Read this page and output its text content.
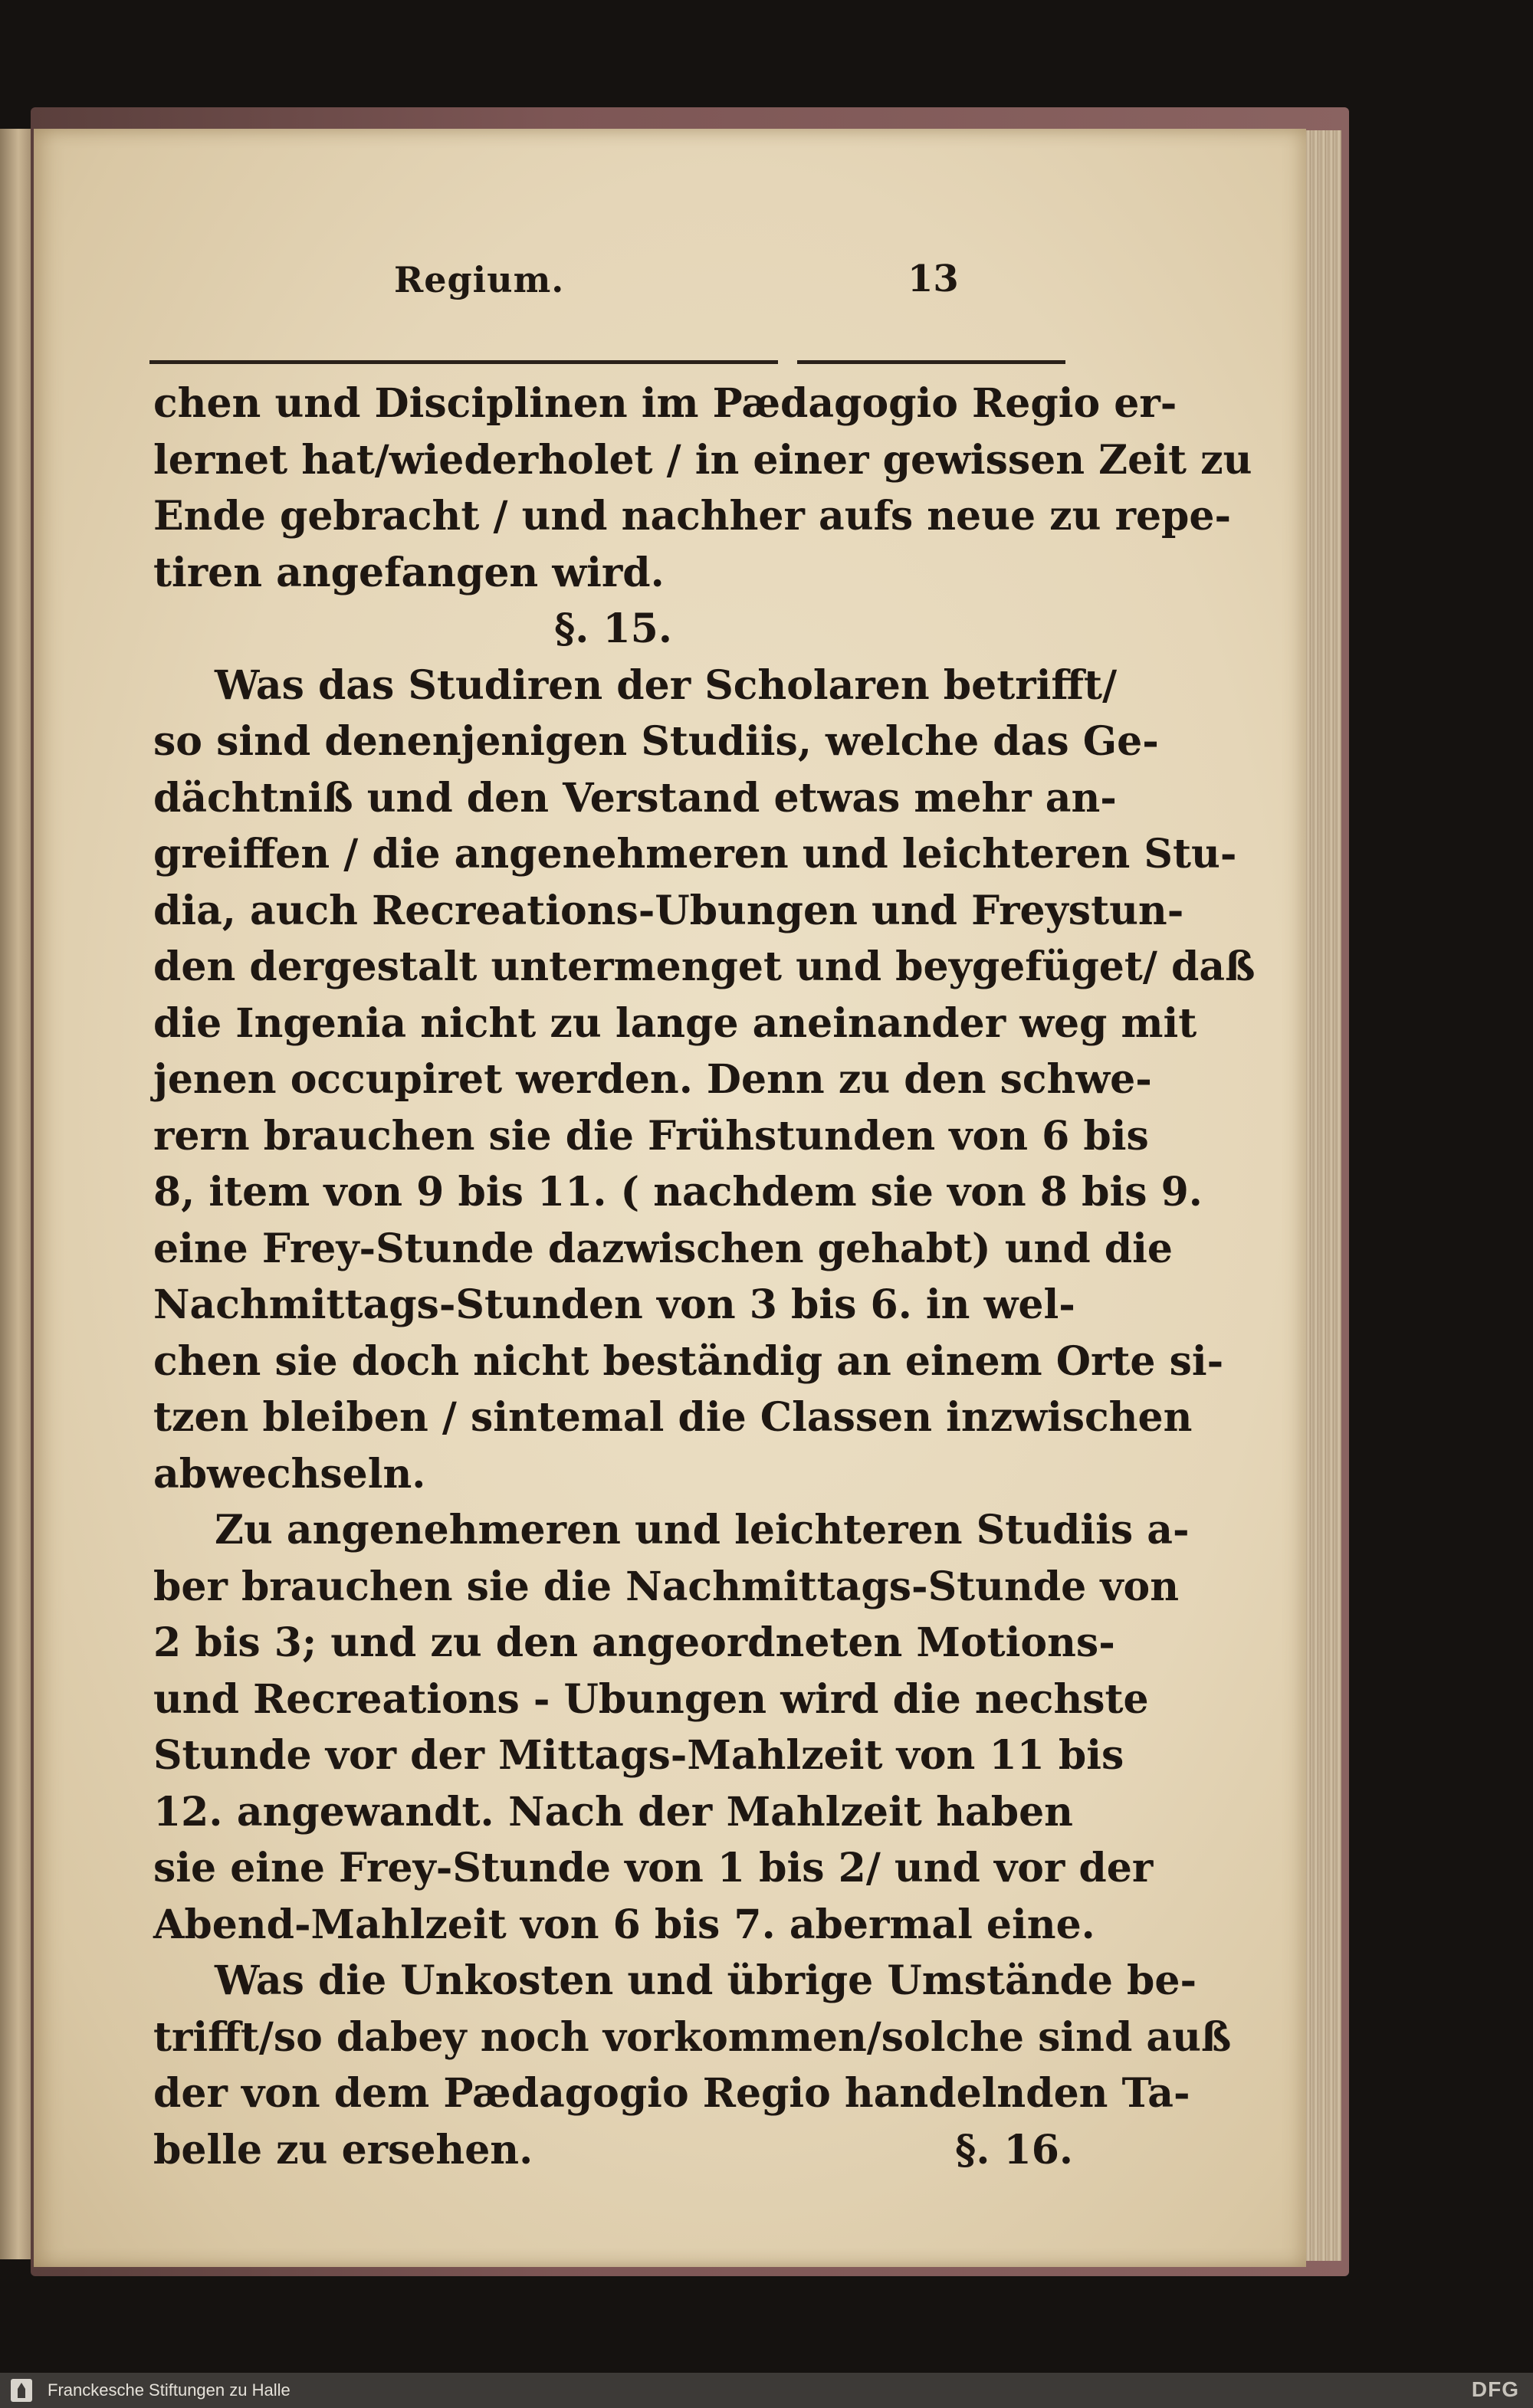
Regium.	13
chen und Disciplinen im Pædagogio Regio er-
lernet hat/wiederholet / in einer gewissen Zeit zu
Ende gebracht / und nachher aufs neue zu repe-
tiren angefangen wird.
§. 15.
Was das Studiren der Scholaren betrifft/
so sind denenjenigen Studiis, welche das Ge-
dächtniß und den Verstand etwas mehr an-
greiffen / die angenehmeren und leichteren Stu-
dia, auch Recreations-Ubungen und Freystun-
den dergestalt untermenget und beygefüget/ daß
die Ingenia nicht zu lange aneinander weg mit
jenen occupiret werden. Denn zu den schwe-
rern brauchen sie die Frühstunden von 6 bis
8, item von 9 bis 11. ( nachdem sie von 8 bis 9.
eine Frey-Stunde dazwischen gehabt) und die
Nachmittags-Stunden von 3 bis 6. in wel-
chen sie doch nicht beständig an einem Orte si-
tzen bleiben / sintemal die Classen inzwischen
abwechseln.
Zu angenehmeren und leichteren Studiis a-
ber brauchen sie die Nachmittags-Stunde von
2 bis 3; und zu den angeordneten Motions-
und Recreations - Ubungen wird die nechste
Stunde vor der Mittags-Mahlzeit von 11 bis
12. angewandt. Nach der Mahlzeit haben
sie eine Frey-Stunde von 1 bis 2/ und vor der
Abend-Mahlzeit von 6 bis 7. abermal eine.
Was die Unkosten und übrige Umstände be-
trifft/so dabey noch vorkommen/solche sind auß
der von dem Pædagogio Regio handelnden Ta-
belle zu ersehen.	§. 16.
Franckesche Stiftungen zu Halle	DFG
